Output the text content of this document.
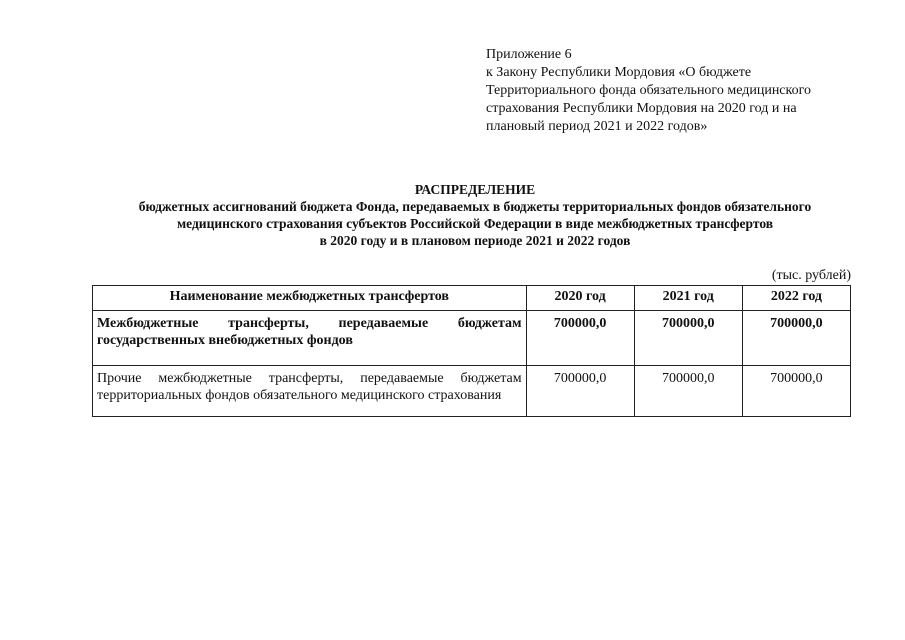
Приложение 6
к Закону Республики Мордовия «О бюджете
Территориального фонда обязательного медицинского
страхования Республики Мордовия на 2020 год и на
плановый период 2021 и 2022 годов»
РАСПРЕДЕЛЕНИЕ
бюджетных ассигнований бюджета Фонда, передаваемых в бюджеты территориальных фондов обязательного
медицинского страхования субъектов Российской Федерации в виде межбюджетных трансфертов
в 2020 году и в плановом периоде 2021 и 2022 годов
(тыс. рублей)
Наименование межбюджетных трансфертов	2020 год	2021 год	2022 год
Межбюджетные трансферты, передаваемые бюджетам государственных внебюджетных фондов	700000,0	700000,0	700000,0
Прочие межбюджетные трансферты, передаваемые бюджетам территориальных фондов обязательного медицинского страхования	700000,0	700000,0	700000,0
